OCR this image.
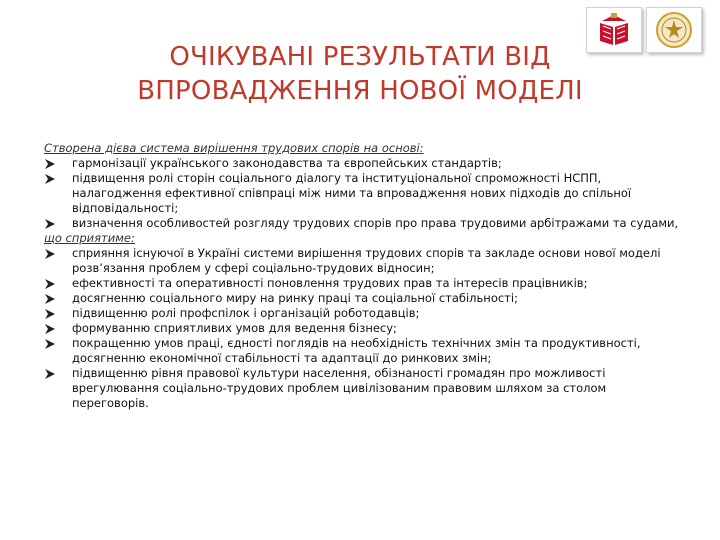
ОЧІКУВАНІ РЕЗУЛЬТАТИ ВІД
ВПРОВАДЖЕННЯ НОВОЇ МОДЕЛІ
Створена дієва система вирішення трудових спорів на основі:
гармонізації українського законодавства та європейських стандартів;
підвищення ролі сторін соціального діалогу та інституціональної спроможності НСПП, налагодження ефективної співпраці між ними та впровадження нових підходів до спільної відповідальності;
визначення особливостей розгляду трудових спорів про права трудовими арбітражами та судами,
що сприятиме:
сприяння існуючої в Україні системи вирішення трудових спорів та закладе основи нової моделі розв’язання проблем у сфері соціально-трудових відносин;
ефективності та оперативності поновлення трудових прав та інтересів працівників;
досягненню соціального миру на ринку праці та соціальної стабільності;
підвищенню ролі профспілок і організацій роботодавців;
формуванню сприятливих умов для ведення бізнесу;
покращенню умов праці, єдності поглядів на необхідність технічних змін та продуктивності, досягненню економічної стабільності та адаптації до ринкових змін;
підвищенню рівня правової культури населення, обізнаності громадян про можливості врегулювання соціально-трудових проблем цивілізованим правовим шляхом за столом переговорів.
